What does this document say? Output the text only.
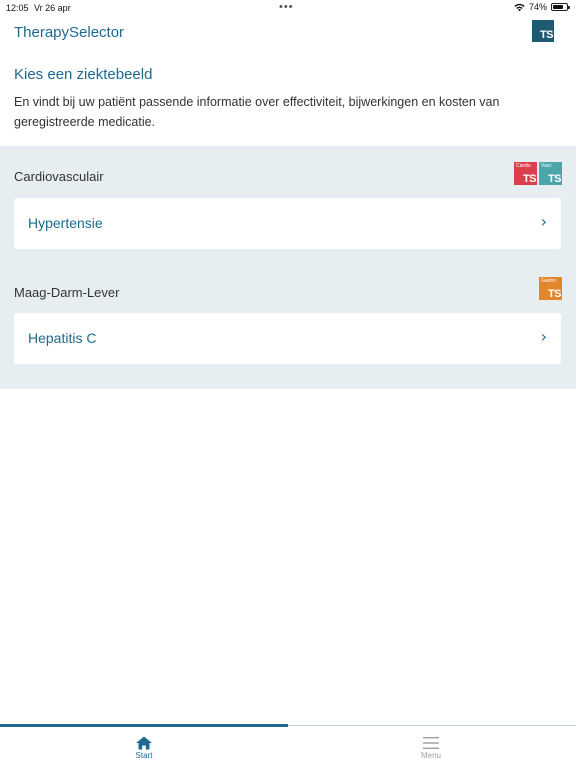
12:05 Vr 26 apr	•••	74%
TherapySelector	TS
Kies een ziektebeeld
En vindt bij uw patiënt passende informatie over effectiviteit, bijwerkingen en kosten van geregistreerde medicatie.
Cardiovasculair
Cardio
TS
Vasc
TS
Hypertensie	›
Maag-Darm-Lever
Gastro
TS
Hepatitis C	›
Start	Menu
